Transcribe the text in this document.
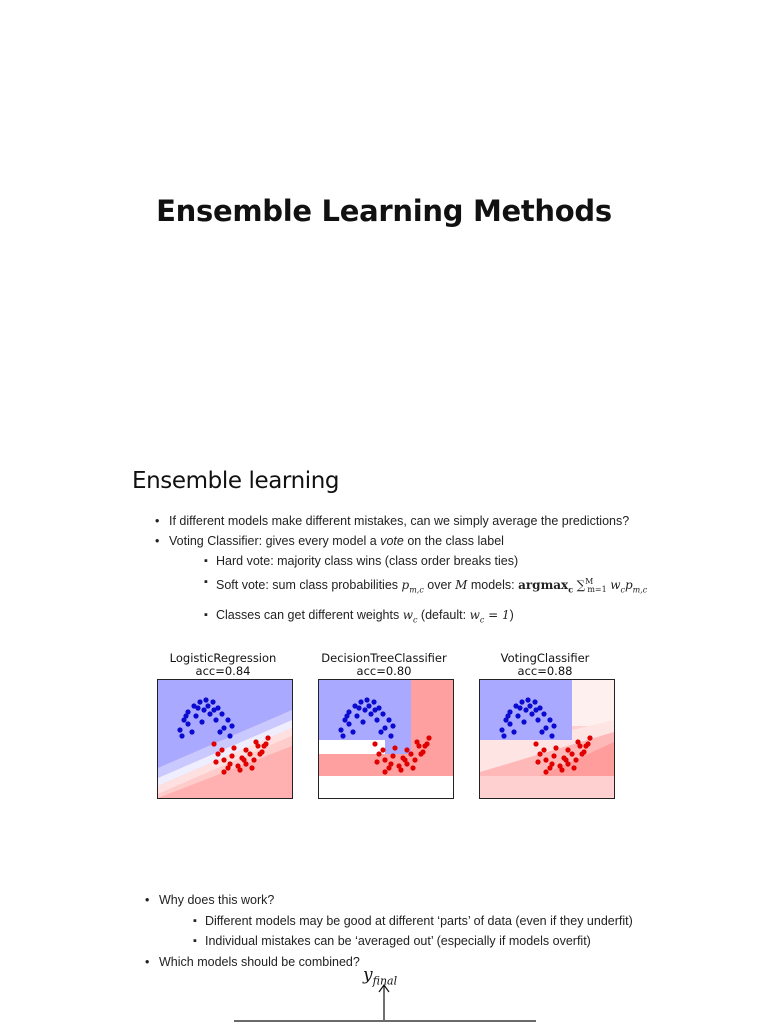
Ensemble Learning Methods
Ensemble learning
• If different models make different mistakes, can we simply average the predictions?
• Voting Classifier: gives every model a vote on the class label
▪ Hard vote: majority class wins (class order breaks ties)
▪ Soft vote: sum class probabilities $p_{m,c}$ over M models: argmax$_c$ ∑$^M_{m=1}$ $w_cp_{m,c}$
▪ Classes can get different weights $w_c$ (default: $w_c = 1$)
LogisticRegression
acc=0.84
DecisionTreeClassifier
acc=0.80
VotingClassifier
acc=0.88
• Why does this work?
▪ Different models may be good at different ‘parts’ of data (even if they underfit)
▪ Individual mistakes can be ‘averaged out’ (especially if models overfit)
• Which models should be combined?
$y_{final}$
